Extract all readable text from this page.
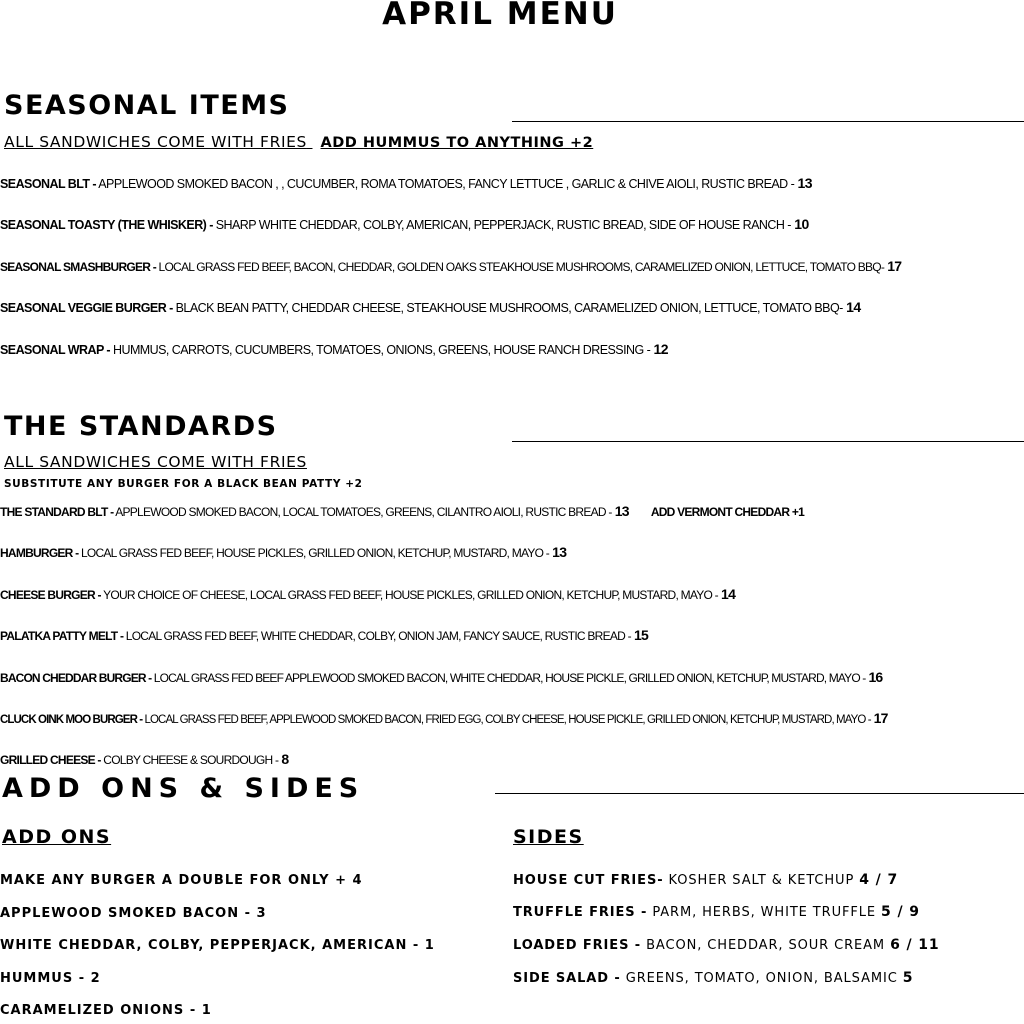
APRIL MENU
SEASONAL ITEMS
ALL SANDWICHES COME WITH FRIES ADD HUMMUS TO ANYTHING +2
SEASONAL BLT - APPLEWOOD SMOKED BACON , , CUCUMBER, ROMA TOMATOES, FANCY LETTUCE , GARLIC & CHIVE AIOLI, RUSTIC BREAD - 13
SEASONAL TOASTY (THE WHISKER) - SHARP WHITE CHEDDAR, COLBY, AMERICAN, PEPPERJACK, RUSTIC BREAD, SIDE OF HOUSE RANCH - 10
SEASONAL SMASHBURGER - LOCAL GRASS FED BEEF, BACON, CHEDDAR, GOLDEN OAKS STEAKHOUSE MUSHROOMS, CARAMELIZED ONION, LETTUCE, TOMATO BBQ- 17
SEASONAL VEGGIE BURGER - BLACK BEAN PATTY, CHEDDAR CHEESE, STEAKHOUSE MUSHROOMS, CARAMELIZED ONION, LETTUCE, TOMATO BBQ- 14
SEASONAL WRAP - HUMMUS, CARROTS, CUCUMBERS, TOMATOES, ONIONS, GREENS, HOUSE RANCH DRESSING - 12
THE STANDARDS
ALL SANDWICHES COME WITH FRIES
SUBSTITUTE ANY BURGER FOR A BLACK BEAN PATTY +2
THE STANDARD BLT - APPLEWOOD SMOKED BACON, LOCAL TOMATOES, GREENS, CILANTRO AIOLI, RUSTIC BREAD - 13 ADD VERMONT CHEDDAR +1
HAMBURGER - LOCAL GRASS FED BEEF, HOUSE PICKLES, GRILLED ONION, KETCHUP, MUSTARD, MAYO - 13
CHEESE BURGER - YOUR CHOICE OF CHEESE, LOCAL GRASS FED BEEF, HOUSE PICKLES, GRILLED ONION, KETCHUP, MUSTARD, MAYO - 14
PALATKA PATTY MELT - LOCAL GRASS FED BEEF, WHITE CHEDDAR, COLBY, ONION JAM, FANCY SAUCE, RUSTIC BREAD - 15
BACON CHEDDAR BURGER - LOCAL GRASS FED BEEF APPLEWOOD SMOKED BACON, WHITE CHEDDAR, HOUSE PICKLE, GRILLED ONION, KETCHUP, MUSTARD, MAYO - 16
CLUCK OINK MOO BURGER - LOCAL GRASS FED BEEF, APPLEWOOD SMOKED BACON, FRIED EGG, COLBY CHEESE, HOUSE PICKLE, GRILLED ONION, KETCHUP, MUSTARD, MAYO - 17
GRILLED CHEESE - COLBY CHEESE & SOURDOUGH - 8
ADD ONS & SIDES
ADD ONS	SIDES
MAKE ANY BURGER A DOUBLE FOR ONLY + 4
APPLEWOOD SMOKED BACON - 3
WHITE CHEDDAR, COLBY, PEPPERJACK, AMERICAN - 1
HUMMUS - 2
CARAMELIZED ONIONS - 1
HOUSE CUT FRIES- KOSHER SALT & KETCHUP 4 / 7
TRUFFLE FRIES - PARM, HERBS, WHITE TRUFFLE 5 / 9
LOADED FRIES - BACON, CHEDDAR, SOUR CREAM 6 / 11
SIDE SALAD - GREENS, TOMATO, ONION, BALSAMIC 5
